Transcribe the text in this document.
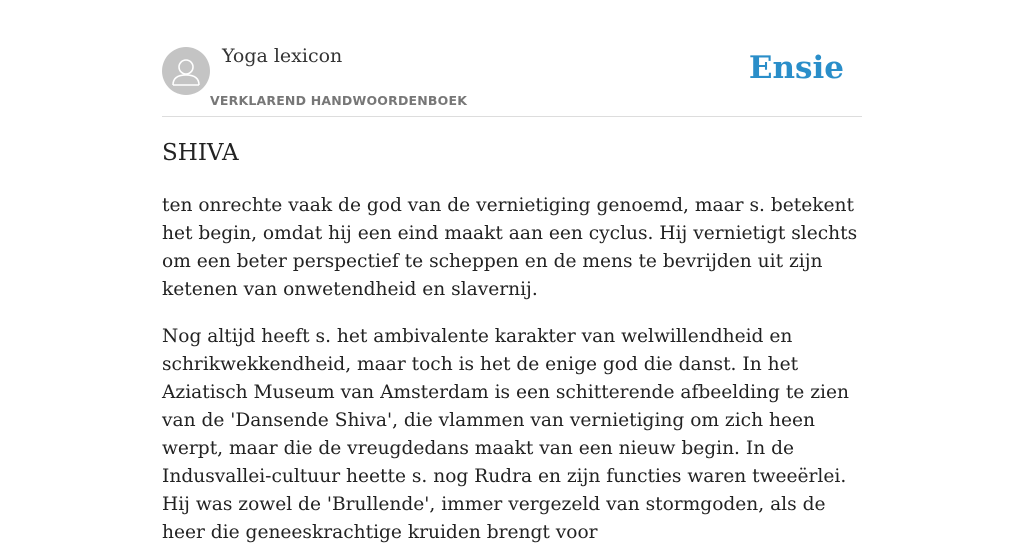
Yoga lexicon
VERKLAREND HANDWOORDENBOEK
Ensie
SHIVA

ten onrechte vaak de god van de vernietiging genoemd, maar s. betekent het begin, omdat hij een eind maakt aan een cyclus. Hij vernietigt slechts om een beter perspectief te scheppen en de mens te bevrijden uit zijn ketenen van onwetendheid en slavernij.

Nog altijd heeft s. het ambivalente karakter van welwillendheid en schrikwekkendheid, maar toch is het de enige god die danst. In het Aziatisch Museum van Amsterdam is een schitterende afbeelding te zien van de 'Dansende Shiva', die vlammen van vernietiging om zich heen werpt, maar die de vreugdedans maakt van een nieuw begin. In de Indusvallei-cultuur heette s. nog Rudra en zijn functies waren tweeërlei. Hij was zowel de 'Brullende', immer vergezeld van stormgoden, als de heer die geneeskrachtige kruiden brengt voor
